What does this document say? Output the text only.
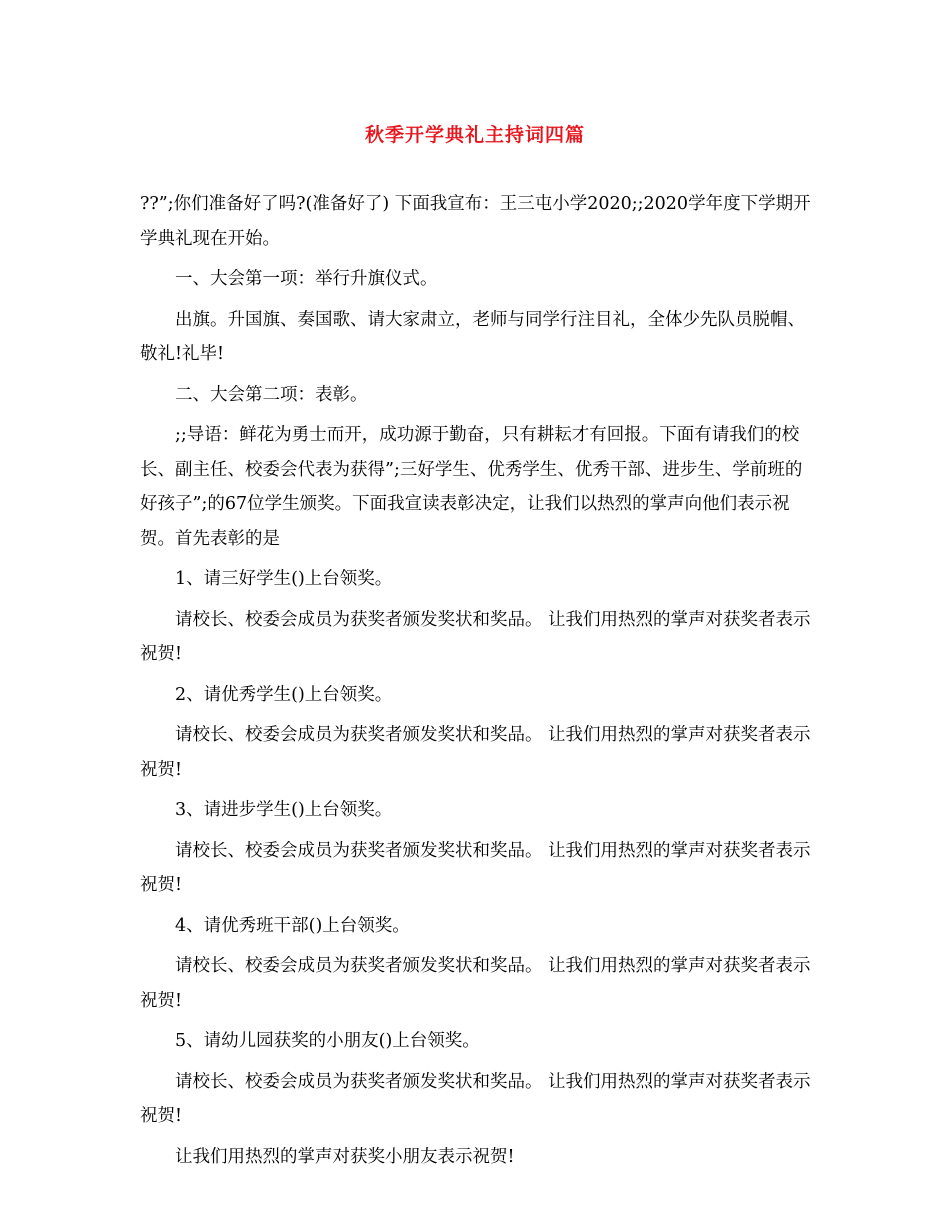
秋季开学典礼主持词四篇

??”;你们准备好了吗?(准备好了) 下面我宣布：王三屯小学2020;;2020学年度下学期开学典礼现在开始。

一、大会第一项：举行升旗仪式。

出旗。升国旗、奏国歌、请大家肃立，老师与同学行注目礼，全体少先队员脱帽、敬礼!礼毕!

二、大会第二项：表彰。

;;导语：鲜花为勇士而开，成功源于勤奋，只有耕耘才有回报。下面有请我们的校长、副主任、校委会代表为获得”;三好学生、优秀学生、优秀干部、进步生、学前班的好孩子”;的67位学生颁奖。下面我宣读表彰决定，让我们以热烈的掌声向他们表示祝贺。首先表彰的是

1、请三好学生()上台领奖。

请校长、校委会成员为获奖者颁发奖状和奖品。 让我们用热烈的掌声对获奖者表示祝贺!

2、请优秀学生()上台领奖。

请校长、校委会成员为获奖者颁发奖状和奖品。 让我们用热烈的掌声对获奖者表示祝贺!

3、请进步学生()上台领奖。

请校长、校委会成员为获奖者颁发奖状和奖品。 让我们用热烈的掌声对获奖者表示祝贺!

4、请优秀班干部()上台领奖。

请校长、校委会成员为获奖者颁发奖状和奖品。 让我们用热烈的掌声对获奖者表示祝贺!

5、请幼儿园获奖的小朋友()上台领奖。

请校长、校委会成员为获奖者颁发奖状和奖品。 让我们用热烈的掌声对获奖者表示祝贺!

让我们用热烈的掌声对获奖小朋友表示祝贺!
